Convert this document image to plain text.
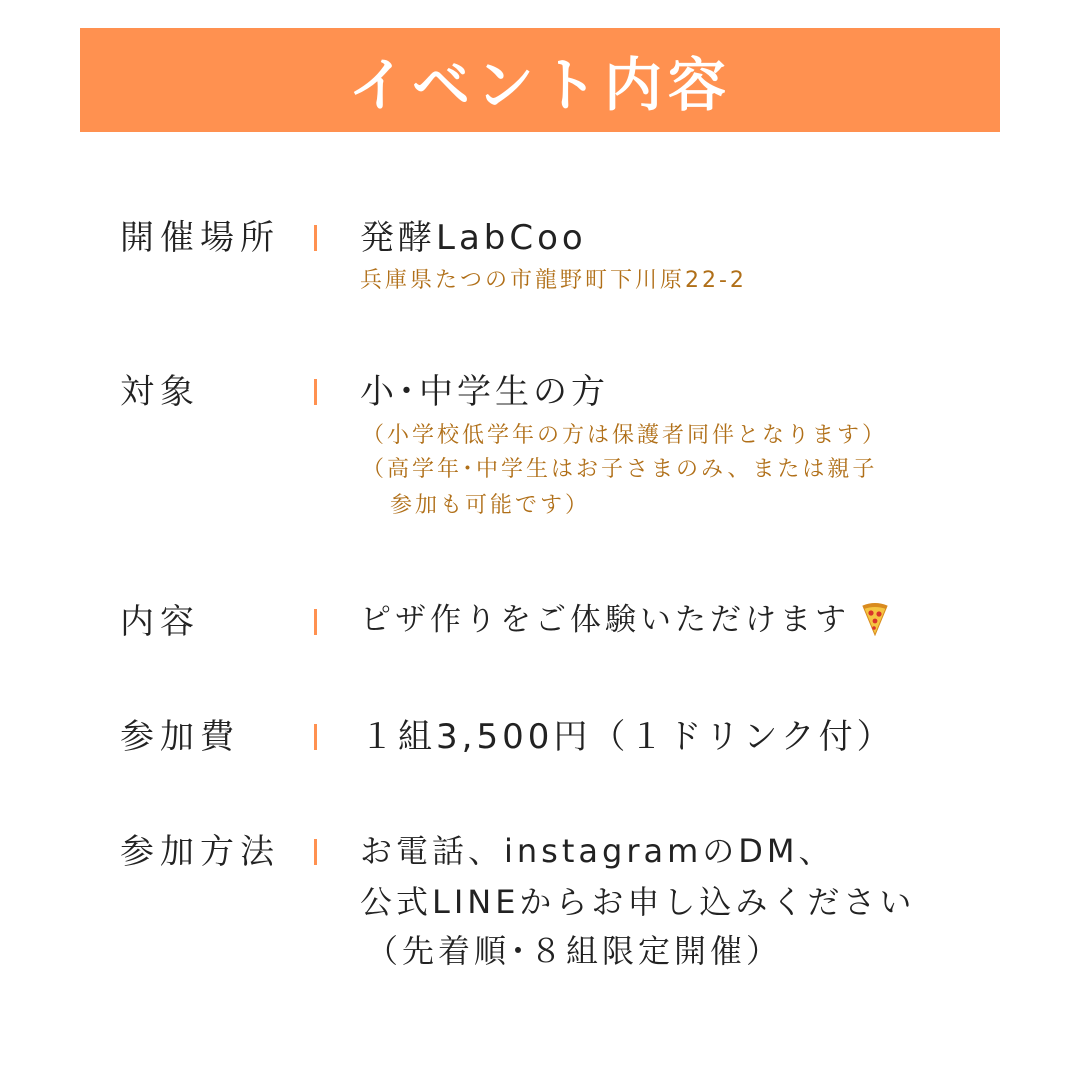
イベント内容
開催場所 発酵LabCoo
兵庫県たつの市龍野町下川原22-2
対象	小･中学生の方
（小学校低学年の方は保護者同伴となります）
（高学年･中学生はお子さまのみ、または親子
参加も可能です）
内容	ピザ作りをご体験いただけます
参加費	１組3,500円（１ドリンク付）
参加方法	お電話、instagramのDM、
公式LINEからお申し込みください
（先着順･８組限定開催）
